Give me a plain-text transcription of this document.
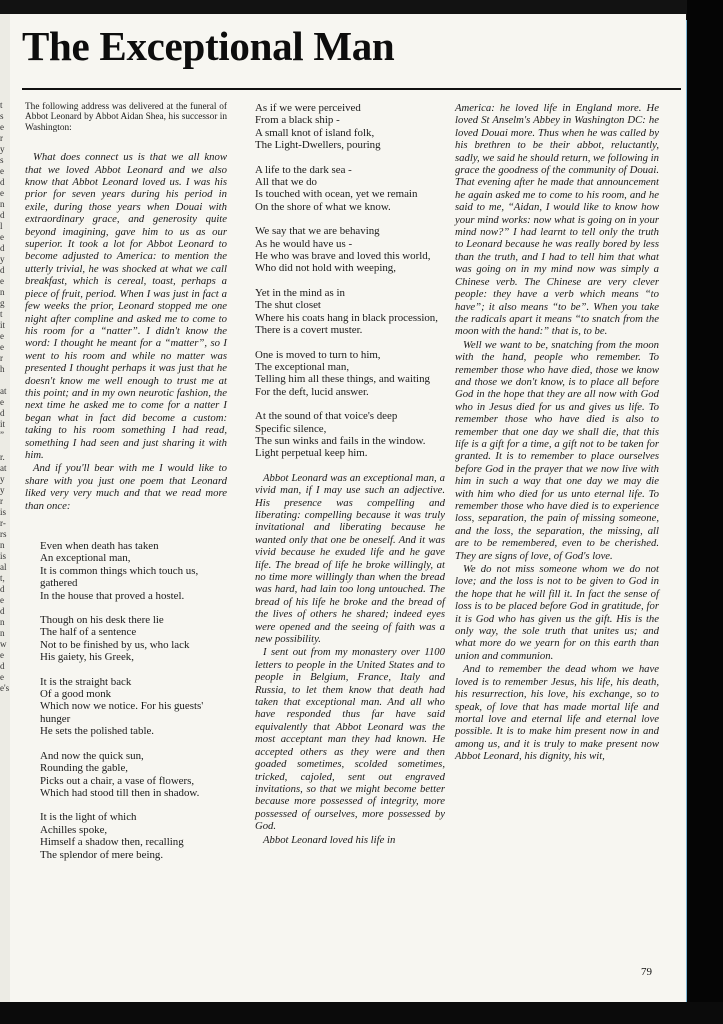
t
s
e
r
y
s
e
d
e
n
d
l
e
d
y
d
e
n
g
t
it
e
e
r
h

at
e
d
it
”

r.
at
y
y
r
is
r-
rs
n
is
al
t,
d
e
d
n
n
w
e
d
e
e's
The Exceptional Man

The following address was delivered at the funeral of Abbot Leonard by Abbot Aidan Shea, his successor in Washington:

What does connect us is that we all know that we loved Abbot Leonard and we also know that Abbot Leonard loved us. I was his prior for seven years during his period in exile, during those years when Douai with extraordinary grace, and generosity quite beyond imagining, gave him to us as our superior. It took a lot for Abbot Leonard to become adjusted to America: to mention the utterly trivial, he was shocked at what we call breakfast, which is cereal, toast, perhaps a piece of fruit, period. When I was just in fact a few weeks the prior, Leonard stopped me one night after compline and asked me to come to his room for a “natter”. I didn't know the word: I thought he meant for a “matter”, so I went to his room and while no matter was presented I thought perhaps it was just that he doesn't know me well enough to trust me at this point; and in my own neurotic fashion, the next time he asked me to come for a natter I began what in fact did become a custom: taking to his room something I had read, something I had seen and just sharing it with him.

And if you'll bear with me I would like to share with you just one poem that Leonard liked very very much and that we read more than once:

Even when death has taken
An exceptional man,
It is common things which touch us, gathered
In the house that proved a hostel.
Though on his desk there lie
The half of a sentence
Not to be finished by us, who lack
His gaiety, his Greek,
It is the straight back
Of a good monk
Which now we notice. For his guests' hunger
He sets the polished table.
And now the quick sun,
Rounding the gable,
Picks out a chair, a vase of flowers,
Which had stood till then in shadow.
It is the light of which
Achilles spoke,
Himself a shadow then, recalling
The splendor of mere being.
As if we were perceived
From a black ship -
A small knot of island folk,
The Light-Dwellers, pouring
A life to the dark sea -
All that we do
Is touched with ocean, yet we remain
On the shore of what we know.
We say that we are behaving
As he would have us -
He who was brave and loved this world,
Who did not hold with weeping,
Yet in the mind as in
The shut closet
Where his coats hang in black procession,
There is a covert muster.
One is moved to turn to him,
The exceptional man,
Telling him all these things, and waiting
For the deft, lucid answer.
At the sound of that voice's deep
Specific silence,
The sun winks and fails in the window.
Light perpetual keep him.

Abbot Leonard was an exceptional man, a vivid man, if I may use such an adjective. His presence was compelling and liberating: compelling because it was truly invitational and liberating because he wanted only that one be oneself. And it was vivid because he exuded life and he gave life. The bread of life he broke willingly, at no time more willingly than when the bread was hard, had lain too long untouched. The bread of his life he broke and the bread of the lives of others he shared; indeed eyes were opened and the seeing of faith was a new possibility.

I sent out from my monastery over 1100 letters to people in the United States and to people in Belgium, France, Italy and Russia, to let them know that death had taken that exceptional man. And all who have responded thus far have said equivalently that Abbot Leonard was the most acceptant man they had known. He accepted others as they were and then goaded sometimes, scolded sometimes, tricked, cajoled, sent out engraved invitations, so that we might become better because more possessed of integrity, more possessed of ourselves, more possessed by God.

Abbot Leonard loved his life in

America: he loved life in England more. He loved St Anselm's Abbey in Washington DC: he loved Douai more. Thus when he was called by his brethren to be their abbot, reluctantly, sadly, we said he should return, we following in grace the goodness of the community of Douai. That evening after he made that announcement he again asked me to come to his room, and he said to me, “Aidan, I would like to know how your mind works: now what is going on in your mind now?” I had learnt to tell only the truth to Leonard because he was really bored by less than the truth, and I had to tell him that what was going on in my mind now was simply a Chinese verb. The Chinese are very clever people: they have a verb which means “to have”; it also means “to be”. When you take the radicals apart it means “to snatch from the moon with the hand:” that is, to be.

Well we want to be, snatching from the moon with the hand, people who remember. To remember those who have died, those we know and those we don't know, is to place all before God in the hope that they are all now with God who in Jesus died for us and gives us life. To remember those who have died is also to remember that one day we shall die, that this life is a gift for a time, a gift not to be taken for granted. It is to remember to place ourselves before God in the prayer that we now live with him in such a way that one day we may die with him who died for us unto eternal life. To remember those who have died is to experience loss, separation, the pain of missing someone, and the loss, the separation, the missing, all are to be remembered, even to be cherished. They are signs of love, of God's love.

We do not miss someone whom we do not love; and the loss is not to be given to God in the hope that he will fill it. In fact the sense of loss is to be placed before God in gratitude, for it is God who has given us the gift. His is the only way, the sole truth that unites us; and what more do we yearn for on this earth than union and communion.

And to remember the dead whom we have loved is to remember Jesus, his life, his death, his resurrection, his love, his exchange, so to speak, of love that has made mortal life and mortal love and eternal life and eternal love possible. It is to make him present now in and among us, and it is truly to make present now Abbot Leonard, his dignity, his wit,

79
